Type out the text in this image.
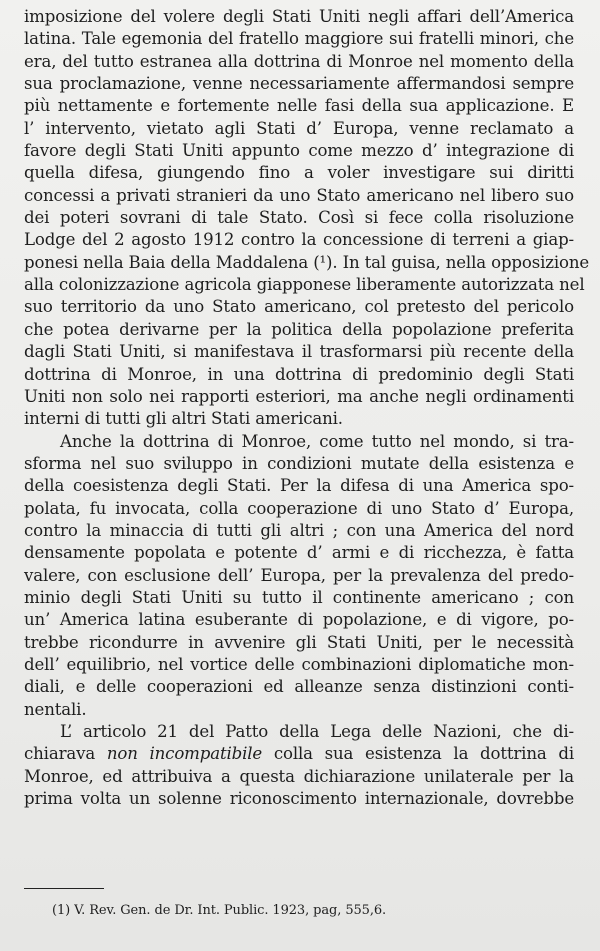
imposizione del volere degli Stati Uniti negli affari dell’America
latina. Tale egemonia del fratello maggiore sui fratelli minori, che
era, del tutto estranea alla dottrina di Monroe nel momento della
sua proclamazione, venne necessariamente affermandosi sempre
più nettamente e fortemente nelle fasi della sua applicazione. E
l’ intervento, vietato agli Stati d’ Europa, venne reclamato a
favore degli Stati Uniti appunto come mezzo d’ integrazione di
quella difesa, giungendo fino a voler investigare sui diritti
concessi a privati stranieri da uno Stato americano nel libero suo
dei poteri sovrani di tale Stato. Così si fece colla risoluzione
Lodge del 2 agosto 1912 contro la concessione di terreni a giap-
ponesi nella Baia della Maddalena (¹). In tal guisa, nella opposizione
alla colonizzazione agricola giapponese liberamente autorizzata nel
suo territorio da uno Stato americano, col pretesto del pericolo
che potea derivarne per la politica della popolazione preferita
dagli Stati Uniti, si manifestava il trasformarsi più recente della
dottrina di Monroe, in una dottrina di predominio degli Stati
Uniti non solo nei rapporti esteriori, ma anche negli ordinamenti
interni di tutti gli altri Stati americani.
Anche la dottrina di Monroe, come tutto nel mondo, si tra-
sforma nel suo sviluppo in condizioni mutate della esistenza e
della coesistenza degli Stati. Per la difesa di una America spo-
polata, fu invocata, colla cooperazione di uno Stato d’ Europa,
contro la minaccia di tutti gli altri ; con una America del nord
densamente popolata e potente d’ armi e di ricchezza, è fatta
valere, con esclusione dell’ Europa, per la prevalenza del predo-
minio degli Stati Uniti su tutto il continente americano ; con
un’ America latina esuberante di popolazione, e di vigore, po-
trebbe ricondurre in avvenire gli Stati Uniti, per le necessità
dell’ equilibrio, nel vortice delle combinazioni diplomatiche mon-
diali, e delle cooperazioni ed alleanze senza distinzioni conti-
nentali.
L’ articolo 21 del Patto della Lega delle Nazioni, che di-
chiarava non incompatibile colla sua esistenza la dottrina di
Monroe, ed attribuiva a questa dichiarazione unilaterale per la
prima volta un solenne riconoscimento internazionale, dovrebbe
(1) V. Rev. Gen. de Dr. Int. Public. 1923, pag, 555,6.
